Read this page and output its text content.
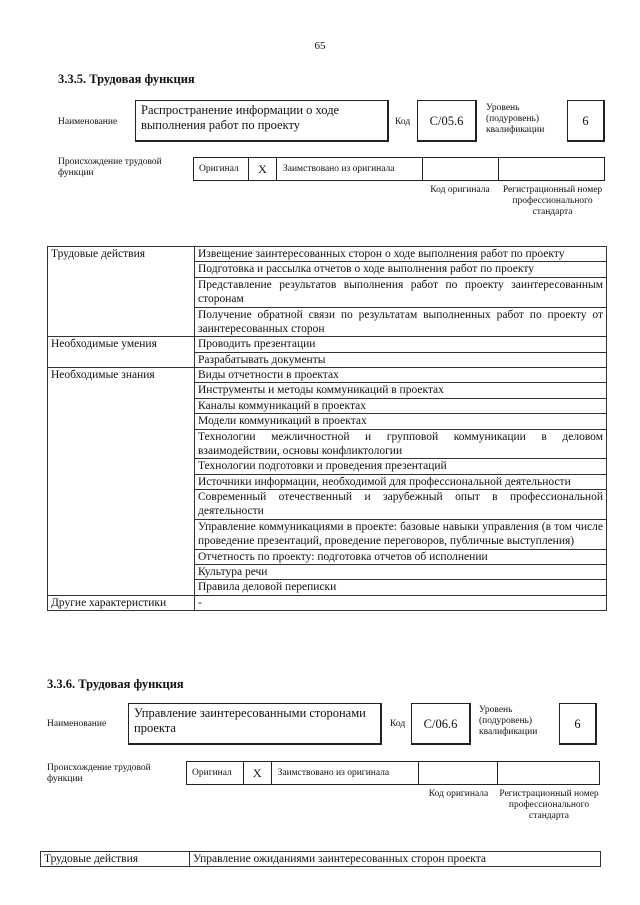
65
3.3.5. Трудовая функция
Наименование
Распространение информации о ходе выполнения работ по проекту	Код	C/05.6
Уровень (подуровень) квалификации
6
Происхождение трудовой функции	Оригинал	X	Заимствовано из оригинала
Код оригинала	Регистрационный номер профессионального стандарта
Трудовые действия	Извещение заинтересованных сторон о ходе выполнения работ по проекту
	Подготовка и рассылка отчетов о ходе выполнения работ по проекту
	Представление результатов выполнения работ по проекту заинтересованным сторонам
	Получение обратной связи по результатам выполненных работ по проекту от заинтересованных сторон
Необходимые умения	Проводить презентации
	Разрабатывать документы
Необходимые знания	Виды отчетности в проектах
	Инструменты и методы коммуникаций в проектах
	Каналы коммуникаций в проектах
	Модели коммуникаций в проектах
	Технологии межличностной и групповой коммуникации в деловом взаимодействии, основы конфликтологии
	Технологии подготовки и проведения презентаций
	Источники информации, необходимой для профессиональной деятельности
	Современный отечественный и зарубежный опыт в профессиональной деятельности
	Управление коммуникациями в проекте: базовые навыки управления (в том числе проведение презентаций, проведение переговоров, публичные выступления)
	Отчетность по проекту: подготовка отчетов об исполнении
	Культура речи
	Правила деловой переписки
Другие характеристики	-
3.3.6. Трудовая функция
Наименование
Управление заинтересованными сторонами проекта	Код	C/06.6
Уровень (подуровень) квалификации
6
Происхождение трудовой функции
Оригинал	X	Заимствовано из оригинала
Код оригинала	Регистрационный номер профессионального стандарта
Трудовые действия	Управление ожиданиями заинтересованных сторон проекта
